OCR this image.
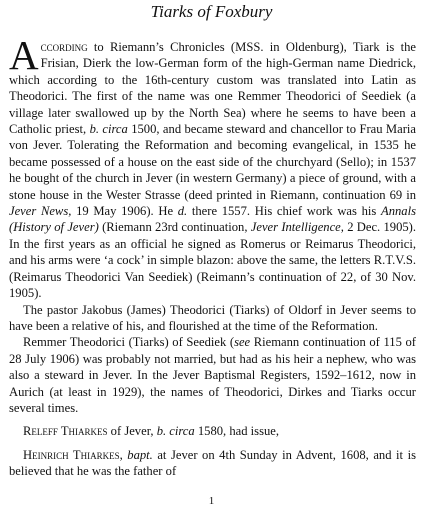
Tiarks of Foxbury

According to Riemann’s Chronicles (MSS. in Oldenburg), Tiark is the Frisian, Dierk the low-German form of the high-German name Diedrick, which according to the 16th-century custom was translated into Latin as Theodorici. The first of the name was one Remmer Theodorici of Seediek (a village later swallowed up by the North Sea) where he seems to have been a Catholic priest, b. circa 1500, and became steward and chancellor to Frau Maria von Jever. Tolerating the Reformation and becoming evangelical, in 1535 he became possessed of a house on the east side of the churchyard (Sello); in 1537 he bought of the church in Jever (in western Germany) a piece of ground, with a stone house in the Wester Strasse (deed printed in Riemann, continuation 69 in Jever News, 19 May 1906). He d. there 1557. His chief work was his Annals (History of Jever) (Riemann 23rd continuation, Jever Intelligence, 2 Dec. 1905). In the first years as an official he signed as Romerus or Reimarus Theodorici, and his arms were ‘a cock’ in simple blazon: above the same, the letters R.T.V.S. (Reimarus Theodorici Van Seediek) (Reimann’s continuation of 22, of 30 Nov. 1905).

The pastor Jakobus (James) Theodorici (Tiarks) of Oldorf in Jever seems to have been a relative of his, and flourished at the time of the Reformation.

Remmer Theodorici (Tiarks) of Seediek (see Riemann continuation of 115 of 28 July 1906) was probably not married, but had as his heir a nephew, who was also a steward in Jever. In the Jever Baptismal Registers, 1592–1612, now in Aurich (at least in 1929), the names of Theodorici, Dirkes and Tiarks occur several times.

Releff Thiarkes of Jever, b. circa 1580, had issue,

Heinrich Thiarkes, bapt. at Jever on 4th Sunday in Advent, 1608, and it is believed that he was the father of

1
